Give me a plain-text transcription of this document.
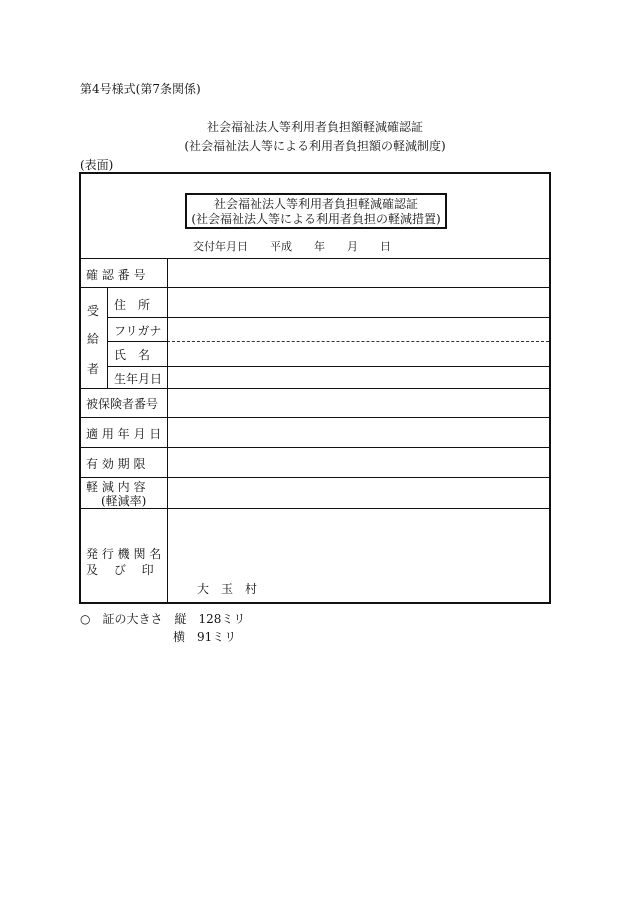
第4号様式(第7条関係)
社会福祉法人等利用者負担額軽減確認証
(社会福祉法人等による利用者負担額の軽減制度)
(表面)
社会福祉法人等利用者負担軽減確認証
(社会福祉法人等による利用者負担の軽減措置)
交付年月日　　平成　　年　　月　　日
確 認 番 号
受
給
者
住　所
フリガナ
氏　名
生年月日
被保険者番号
適 用 年 月 日
有 効 期 限
軽 減 内 容
(軽減率)
発 行 機 関 名
及　 び　 印
大　玉　村
○　証の大きさ　縦　128ミリ
横　91ミリ
